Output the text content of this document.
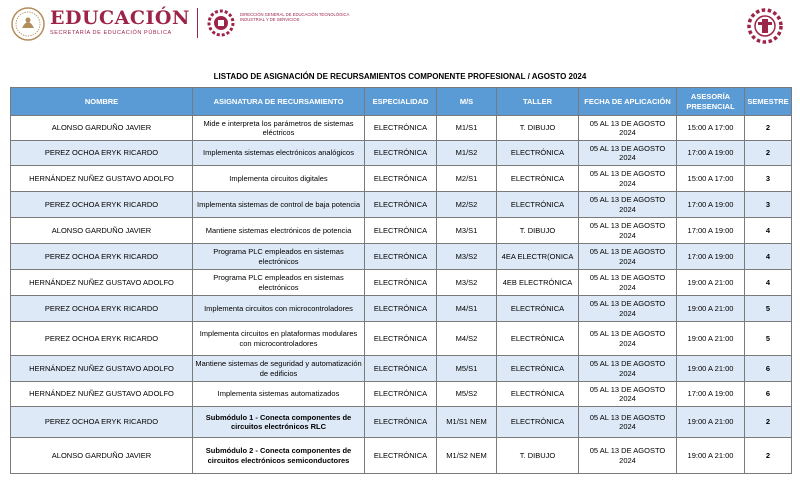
EDUCACIÓN
SECRETARÍA DE EDUCACIÓN PÚBLICA
DIRECCIÓN GENERAL DE EDUCACIÓN TECNOLÓGICA INDUSTRIAL Y DE SERVICIOS
LISTADO DE ASIGNACIÓN DE RECURSAMIENTOS COMPONENTE PROFESIONAL / AGOSTO 2024
NOMBRE	ASIGNATURA DE RECURSAMIENTO	ESPECIALIDAD	M/S	TALLER	FECHA DE APLICACIÓN	ASESORÍA PRESENCIAL	SEMESTRE
ALONSO GARDUÑO JAVIER	Mide e interpreta los parámetros de sistemas eléctricos	ELECTRÓNICA	M1/S1	T. DIBUJO	05 AL 13 DE AGOSTO 2024	15:00 A 17:00	2
PEREZ OCHOA ERYK RICARDO	Implementa sistemas electrónicos analógicos	ELECTRÓNICA	M1/S2	ELECTRÓNICA	05 AL 13 DE AGOSTO 2024	17:00 A 19:00	2
HERNÁNDEZ NUÑEZ GUSTAVO ADOLFO	Implementa circuitos digitales	ELECTRÓNICA	M2/S1	ELECTRÓNICA	05 AL 13 DE AGOSTO 2024	15:00 A 17:00	3
PEREZ OCHOA ERYK RICARDO	Implementa sistemas de control de baja potencia	ELECTRÓNICA	M2/S2	ELECTRÓNICA	05 AL 13 DE AGOSTO 2024	17:00 A 19:00	3
ALONSO GARDUÑO JAVIER	Mantiene sistemas electrónicos de potencia	ELECTRÓNICA	M3/S1	T. DIBUJO	05 AL 13 DE AGOSTO 2024	17:00 A 19:00	4
PEREZ OCHOA ERYK RICARDO	Programa PLC empleados en sistemas electrónicos	ELECTRÓNICA	M3/S2	4EA ELECTR(ONICA	05 AL 13 DE AGOSTO 2024	17:00 A 19:00	4
HERNÁNDEZ NUÑEZ GUSTAVO ADOLFO	Programa PLC empleados en sistemas electrónicos	ELECTRÓNICA	M3/S2	4EB ELECTRÓNICA	05 AL 13 DE AGOSTO 2024	19:00 A 21:00	4
PEREZ OCHOA ERYK RICARDO	Implementa circuitos con microcontroladores	ELECTRÓNICA	M4/S1	ELECTRÓNICA	05 AL 13 DE AGOSTO 2024	19:00 A 21:00	5
PEREZ OCHOA ERYK RICARDO	Implementa circuitos en plataformas modulares con microcontroladores	ELECTRÓNICA	M4/S2	ELECTRÓNICA	05 AL 13 DE AGOSTO 2024	19:00 A 21:00	5
HERNÁNDEZ NUÑEZ GUSTAVO ADOLFO	Mantiene sistemas de seguridad y automatización de edificios	ELECTRÓNICA	M5/S1	ELECTRÓNICA	05 AL 13 DE AGOSTO 2024	19:00 A 21:00	6
HERNÁNDEZ NUÑEZ GUSTAVO ADOLFO	Implementa sistemas automatizados	ELECTRÓNICA	M5/S2	ELECTRÓNICA	05 AL 13 DE AGOSTO 2024	17:00 A 19:00	6
PEREZ OCHOA ERYK RICARDO	Submódulo 1 - Conecta componentes de circuitos electrónicos RLC	ELECTRÓNICA	M1/S1 NEM	ELECTRÓNICA	05 AL 13 DE AGOSTO 2024	19:00 A 21:00	2
ALONSO GARDUÑO JAVIER	Submódulo 2 - Conecta componentes de circuitos electrónicos semiconductores	ELECTRÓNICA	M1/S2 NEM	T. DIBUJO	05 AL 13 DE AGOSTO 2024	19:00 A 21:00	2
